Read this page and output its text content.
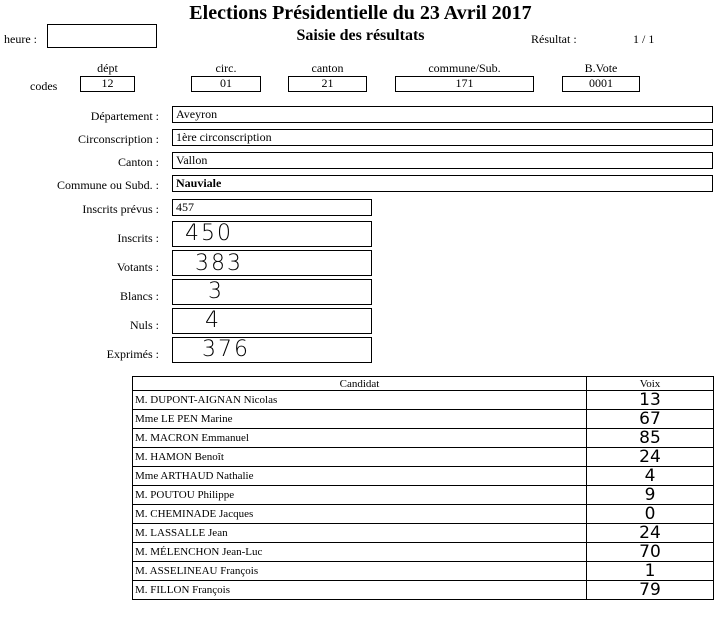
Elections Présidentielle du 23 Avril 2017
Saisie des résultats
heure :	Résultat :	1 / 1
codes
dépt
12
circ.
01
canton
21
commune/Sub.
171
B.Vote
0001
Département :	Aveyron
Circonscription :	1ère circonscription
Canton :	Vallon
Commune ou Subd. :	Nauviale
Inscrits prévus :	457
Inscrits : 450
Votants : 383
Blancs : 3
Nuls : 4
Exprimés : 376
Candidat	Voix
M. DUPONT-AIGNAN Nicolas	13
Mme LE PEN Marine	67
M. MACRON Emmanuel	85
M. HAMON Benoît	24
Mme ARTHAUD Nathalie	4
M. POUTOU Philippe	9
M. CHEMINADE Jacques	0
M. LASSALLE Jean	24
M. MÉLENCHON Jean-Luc	70
M. ASSELINEAU François	1
M. FILLON François	79
